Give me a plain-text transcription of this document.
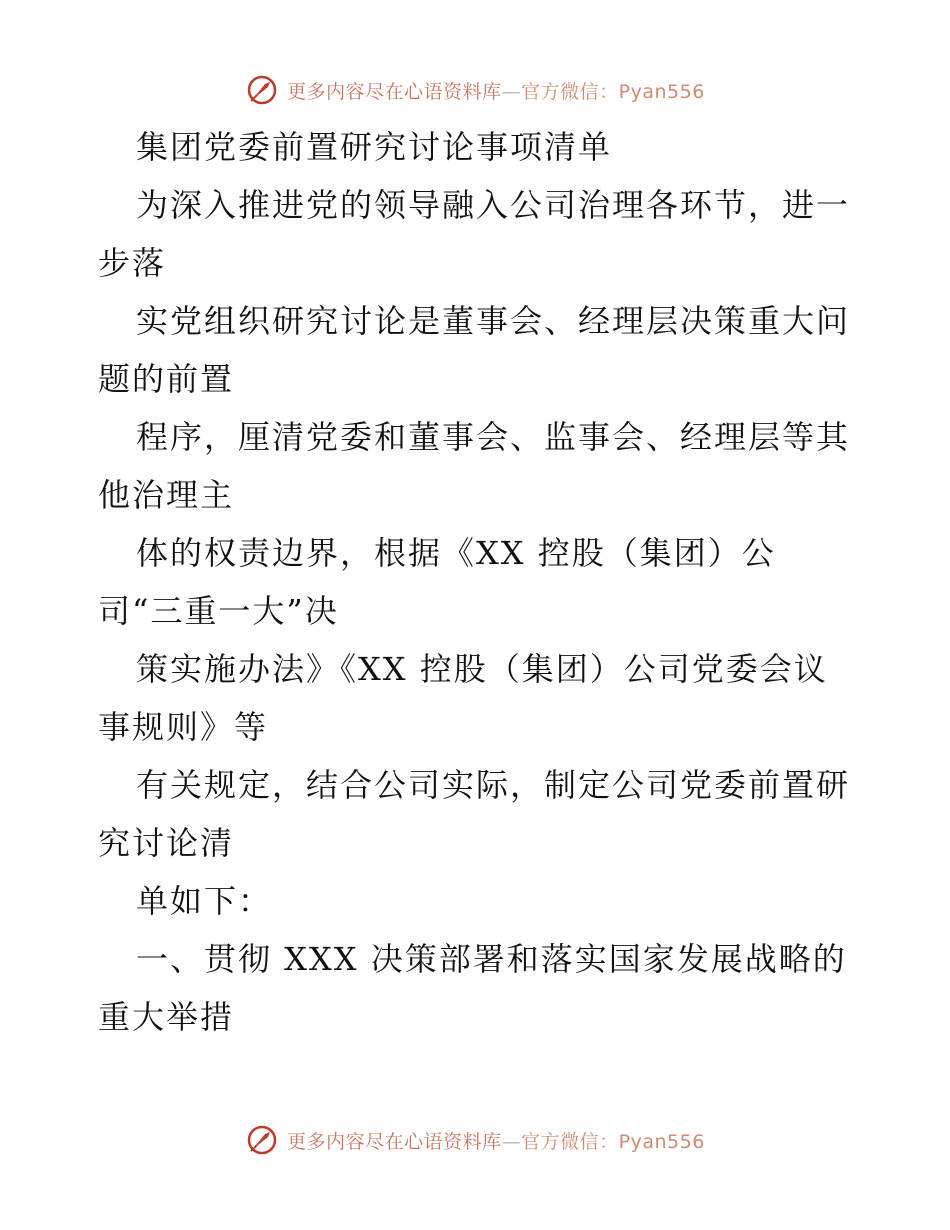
更多内容尽在心语资料库—官方微信：Pyan556
集团党委前置研究讨论事项清单
为深入推进党的领导融入公司治理各环节，进一
步落
实党组织研究讨论是董事会、经理层决策重大问
题的前置
程序，厘清党委和董事会、监事会、经理层等其
他治理主
体的权责边界，根据《XX 控股（集团）公
司“三重一大”决
策实施办法》《XX 控股（集团）公司党委会议
事规则》等
有关规定，结合公司实际，制定公司党委前置研
究讨论清
单如下：
一、贯彻 XXX 决策部署和落实国家发展战略的
重大举措
更多内容尽在心语资料库—官方微信：Pyan556
